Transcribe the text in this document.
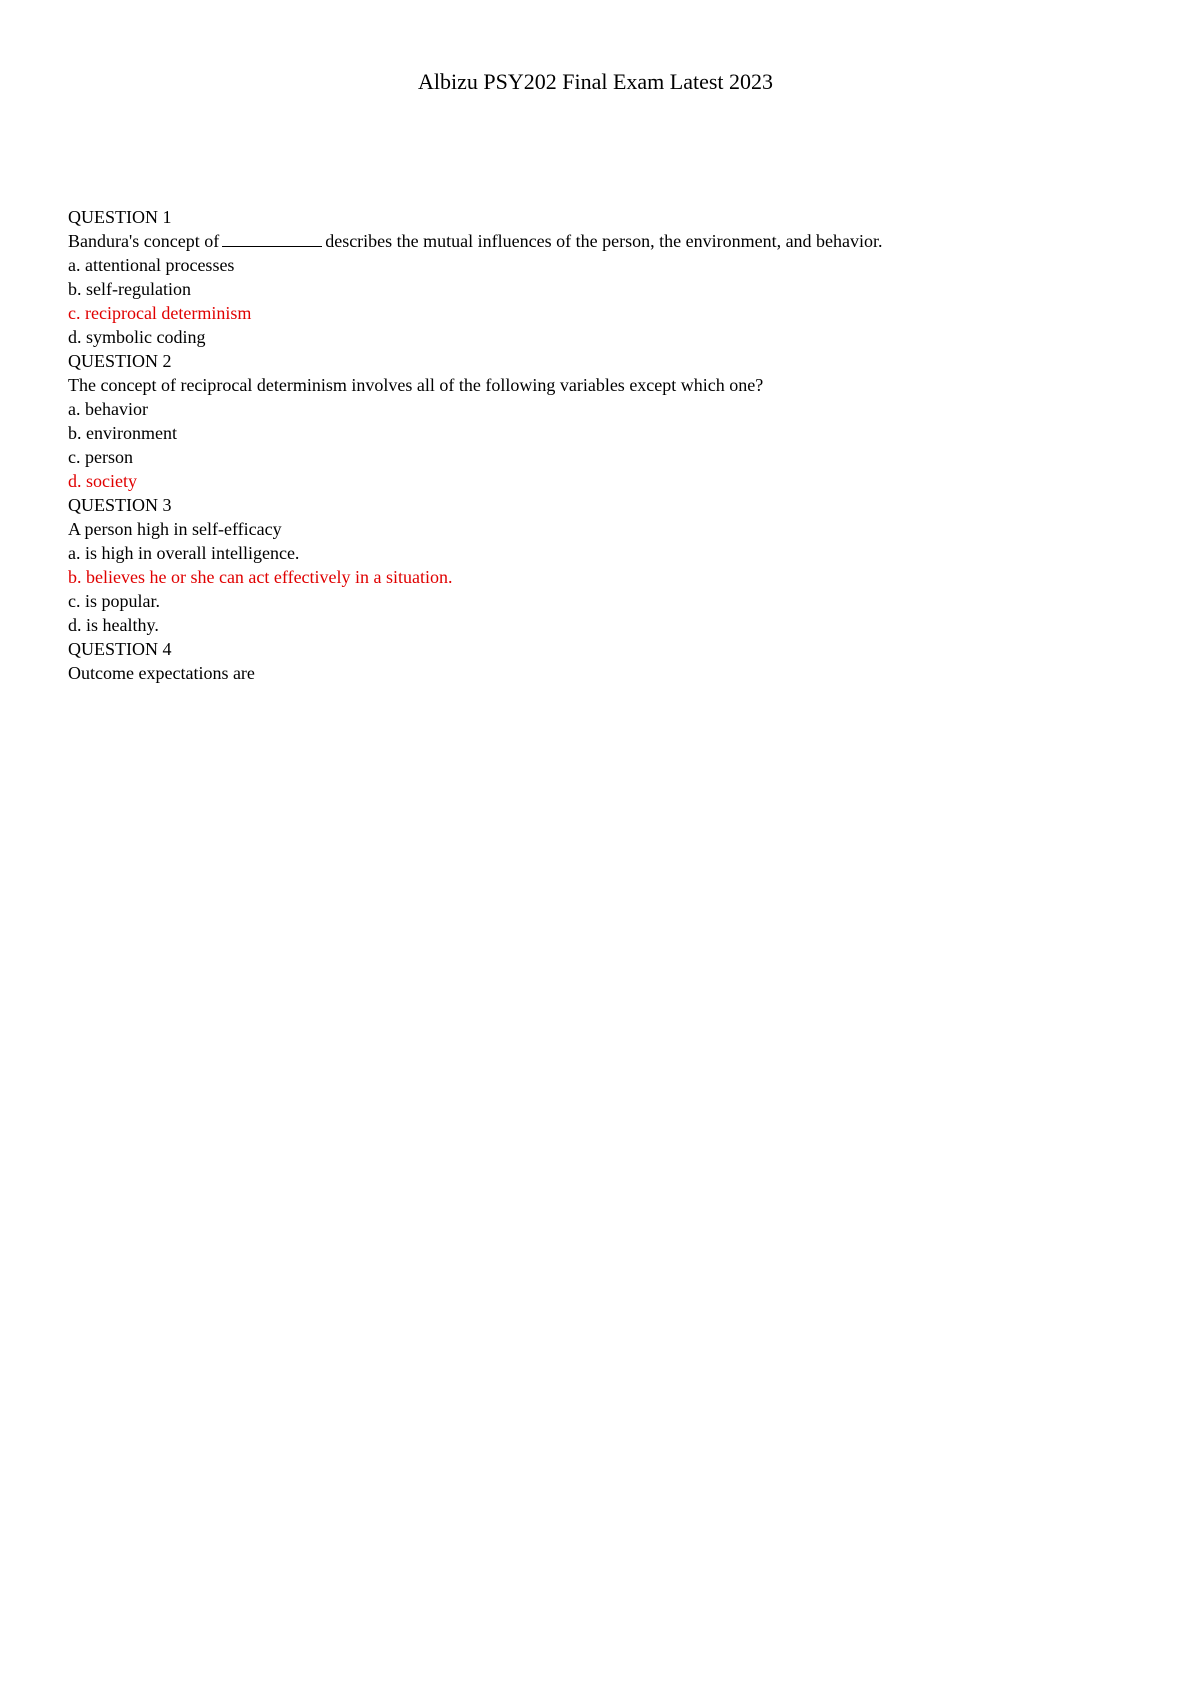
Albizu PSY202 Final Exam Latest 2023
QUESTION 1
Bandura's concept of	describes the mutual influences of the person, the environment, and behavior.
a. attentional processes
b. self-regulation
c. reciprocal determinism
d. symbolic coding
QUESTION 2
The concept of reciprocal determinism involves all of the following variables except which one?
a. behavior
b. environment
c. person
d. society
QUESTION 3
A person high in self-efficacy
a. is high in overall intelligence.
b. believes he or she can act effectively in a situation.
c. is popular.
d. is healthy.
QUESTION 4
Outcome expectations are
